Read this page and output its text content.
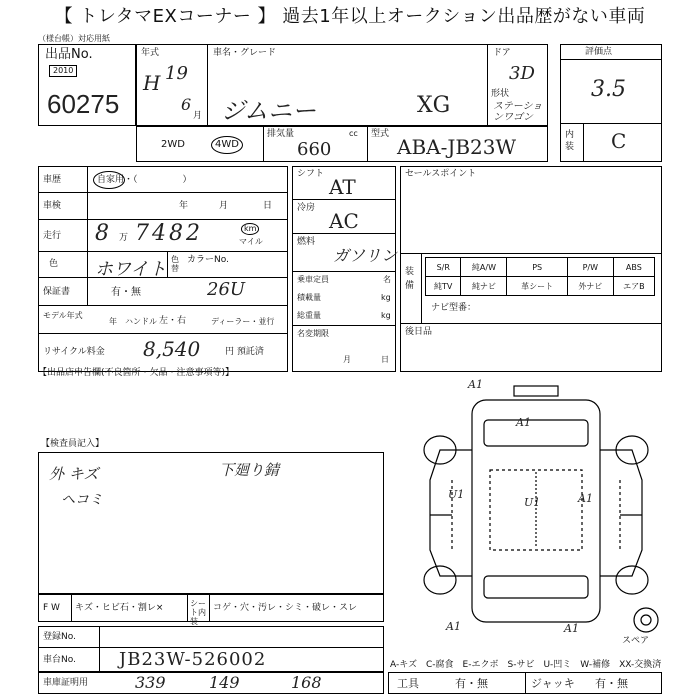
【 トレタマEXコーナー 】 過去1年以上オークション出品歴がない車両
（様台帳）対応用紙
出品No.
2010
60275
年式
H 19
6
月
車名・グレード
ジムニー	XG
ドア
3D
形状
ステーションワゴン
評価点
3.5
内装 C
2WD	4WD
排気量	cc
660
型式
ABA-JB23W
車歴	自家用・（　　　　　）
車検	年	月	日
走行 8 万 7482	km
マイル
色 ホワイト 色替
カラーNo.
保証書	有・無	26U
モデル年式
年 ハンドル 左・右	ディーラー・並行
リサイクル料金 8,540	円 預託済
シフト
AT
冷房
AC
燃料
ガソリン
乗車定員	名
積載量	kg
総重量	kg
名変期限
月	日
セールスポイント
装備
S/R	純A/W	PS	P/W	ABS
純TV	純ナビ	革シート	外ナビ	エアB
ナビ型番：
後日品
【出品店申告欄(不良箇所・欠品・注意事項等)】
【検査員記入】
外 キズ
ヘコミ
下廻り錆
A1
A1
U1
U1	A1
A1	A1
スペア
F W キズ・ヒビ石・割レ×	シート内装
コゲ・穴・汚レ・シミ・破レ・スレ
登録No.
車台No. JB23W-526002	A-キズ　C-腐食　E-エクボ　S-サビ　U-凹ミ　W-補修　XX-交換済
車庫証明用	339	149	168	工具	有・無	ジャッキ 有・無
